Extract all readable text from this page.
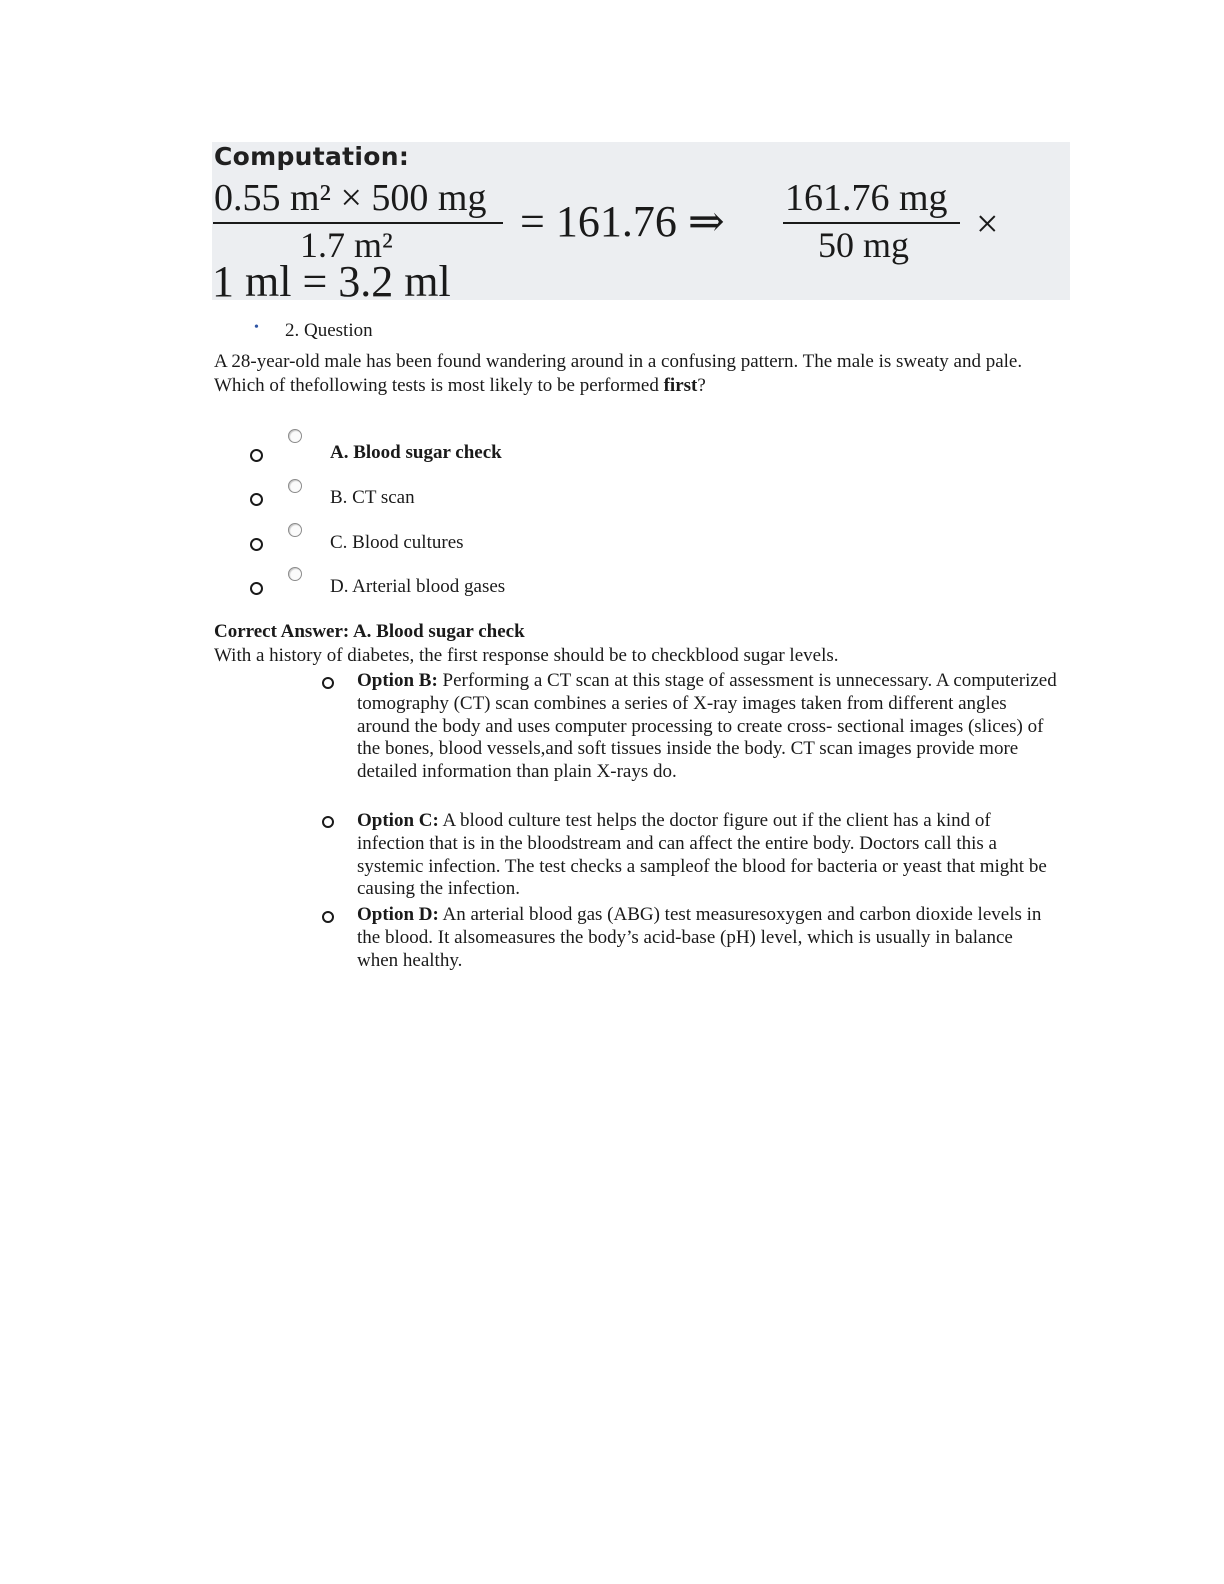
Computation:
0.55 m² × 500 mg
1.7 m²	= 161.76 ⇒ 161.76 mg
50 mg ×
1 ml = 3.2 ml
• 2. Question
A 28-year-old male has been found wandering around in a confusing pattern. The male is sweaty and pale. Which of thefollowing tests is most likely to be performed first?
A. Blood sugar check
B. CT scan
C. Blood cultures
D. Arterial blood gases
Correct Answer: A. Blood sugar check
With a history of diabetes, the first response should be to checkblood sugar levels.
Option B: Performing a CT scan at this stage of assessment is unnecessary. A computerized tomography (CT) scan combines a series of X-ray images taken from different angles around the body and uses computer processing to create cross- sectional images (slices) of the bones, blood vessels,and soft tissues inside the body. CT scan images provide more detailed information than plain X-rays do.
Option C: A blood culture test helps the doctor figure out if the client has a kind of infection that is in the bloodstream and can affect the entire body. Doctors call this a systemic infection. The test checks a sampleof the blood for bacteria or yeast that might be causing the infection.
Option D: An arterial blood gas (ABG) test measuresoxygen and carbon dioxide levels in the blood. It alsomeasures the body’s acid-base (pH) level, which is usually in balance when healthy.
